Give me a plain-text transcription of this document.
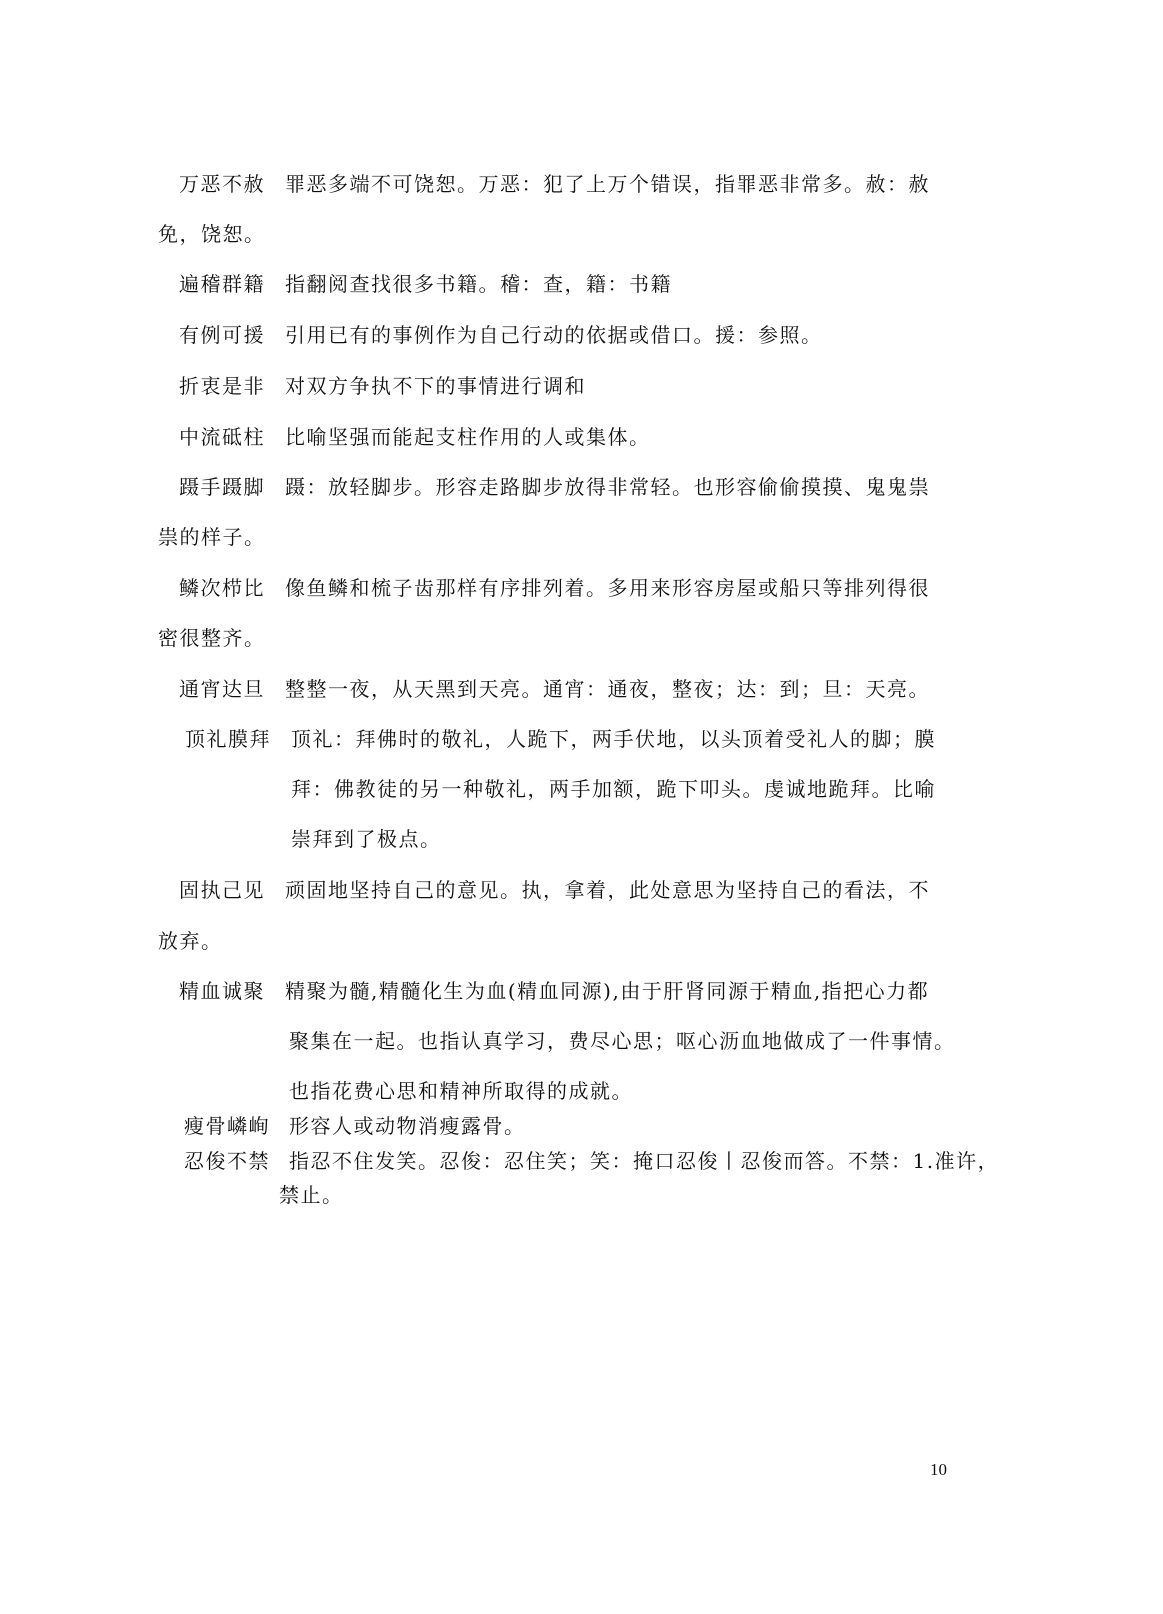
万恶不赦 罪恶多端不可饶恕。万恶：犯了上万个错误，指罪恶非常多。赦：赦
免，饶恕。
遍稽群籍 指翻阅查找很多书籍。稽：查，籍：书籍
有例可援 引用已有的事例作为自己行动的依据或借口。援：参照。
折衷是非 对双方争执不下的事情进行调和
中流砥柱 比喻坚强而能起支柱作用的人或集体。
蹑手蹑脚 蹑：放轻脚步。形容走路脚步放得非常轻。也形容偷偷摸摸、鬼鬼祟
祟的样子。
鳞次栉比 像鱼鳞和梳子齿那样有序排列着。多用来形容房屋或船只等排列得很
密很整齐。
通宵达旦 整整一夜，从天黑到天亮。通宵：通夜，整夜；达：到；旦：天亮。
顶礼膜拜 顶礼：拜佛时的敬礼，人跪下，两手伏地，以头顶着受礼人的脚；膜
拜：佛教徒的另一种敬礼，两手加额，跪下叩头。虔诚地跪拜。比喻
崇拜到了极点。
固执己见 顽固地坚持自己的意见。执，拿着，此处意思为坚持自己的看法，不
放弃。
精血诚聚 精聚为髓,精髓化生为血(精血同源),由于肝肾同源于精血,指把心力都
聚集在一起。也指认真学习，费尽心思；呕心沥血地做成了一件事情。
也指花费心思和精神所取得的成就。
瘦骨嶙峋 形容人或动物消瘦露骨。
忍俊不禁 指忍不住发笑。忍俊：忍住笑；笑：掩口忍俊丨忍俊而答。不禁：1.准许，
禁止。
10
